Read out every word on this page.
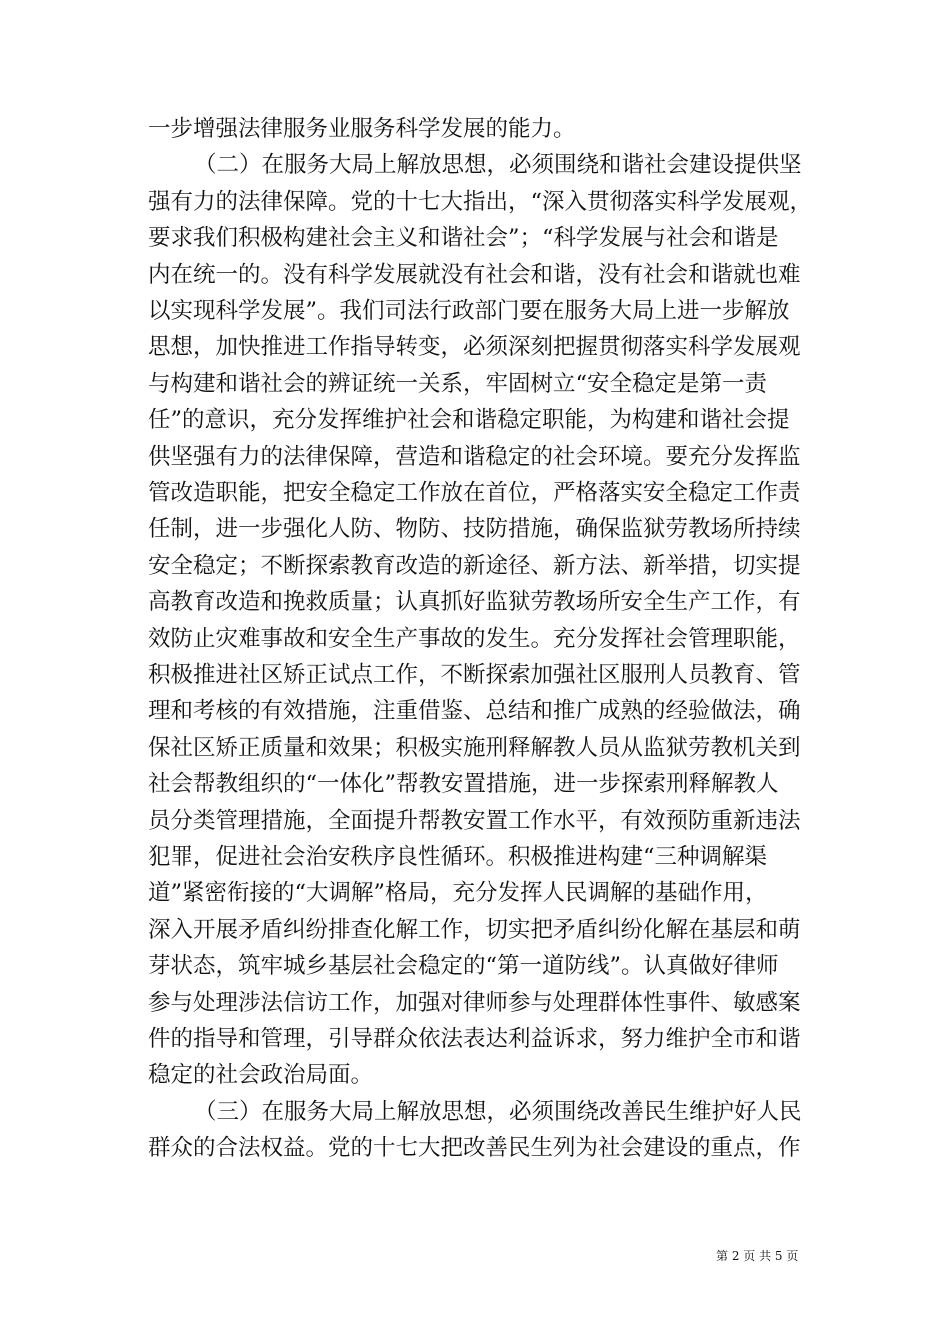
一步增强法律服务业服务科学发展的能力。
（二）在服务大局上解放思想，必须围绕和谐社会建设提供坚
强有力的法律保障。党的十七大指出，“深入贯彻落实科学发展观，
要求我们积极构建社会主义和谐社会”；“科学发展与社会和谐是
内在统一的。没有科学发展就没有社会和谐，没有社会和谐就也难
以实现科学发展”。我们司法行政部门要在服务大局上进一步解放
思想，加快推进工作指导转变，必须深刻把握贯彻落实科学发展观
与构建和谐社会的辨证统一关系，牢固树立“安全稳定是第一责
任”的意识，充分发挥维护社会和谐稳定职能，为构建和谐社会提
供坚强有力的法律保障，营造和谐稳定的社会环境。要充分发挥监
管改造职能，把安全稳定工作放在首位，严格落实安全稳定工作责
任制，进一步强化人防、物防、技防措施，确保监狱劳教场所持续
安全稳定；不断探索教育改造的新途径、新方法、新举措，切实提
高教育改造和挽救质量；认真抓好监狱劳教场所安全生产工作，有
效防止灾难事故和安全生产事故的发生。充分发挥社会管理职能，
积极推进社区矫正试点工作，不断探索加强社区服刑人员教育、管
理和考核的有效措施，注重借鉴、总结和推广成熟的经验做法，确
保社区矫正质量和效果；积极实施刑释解教人员从监狱劳教机关到
社会帮教组织的“一体化”帮教安置措施，进一步探索刑释解教人
员分类管理措施，全面提升帮教安置工作水平，有效预防重新违法
犯罪，促进社会治安秩序良性循环。积极推进构建“三种调解渠
道”紧密衔接的“大调解”格局，充分发挥人民调解的基础作用，
深入开展矛盾纠纷排查化解工作，切实把矛盾纠纷化解在基层和萌
芽状态，筑牢城乡基层社会稳定的“第一道防线”。认真做好律师
参与处理涉法信访工作，加强对律师参与处理群体性事件、敏感案
件的指导和管理，引导群众依法表达利益诉求，努力维护全市和谐
稳定的社会政治局面。
（三）在服务大局上解放思想，必须围绕改善民生维护好人民
群众的合法权益。党的十七大把改善民生列为社会建设的重点，作
第 2 页 共 5 页
